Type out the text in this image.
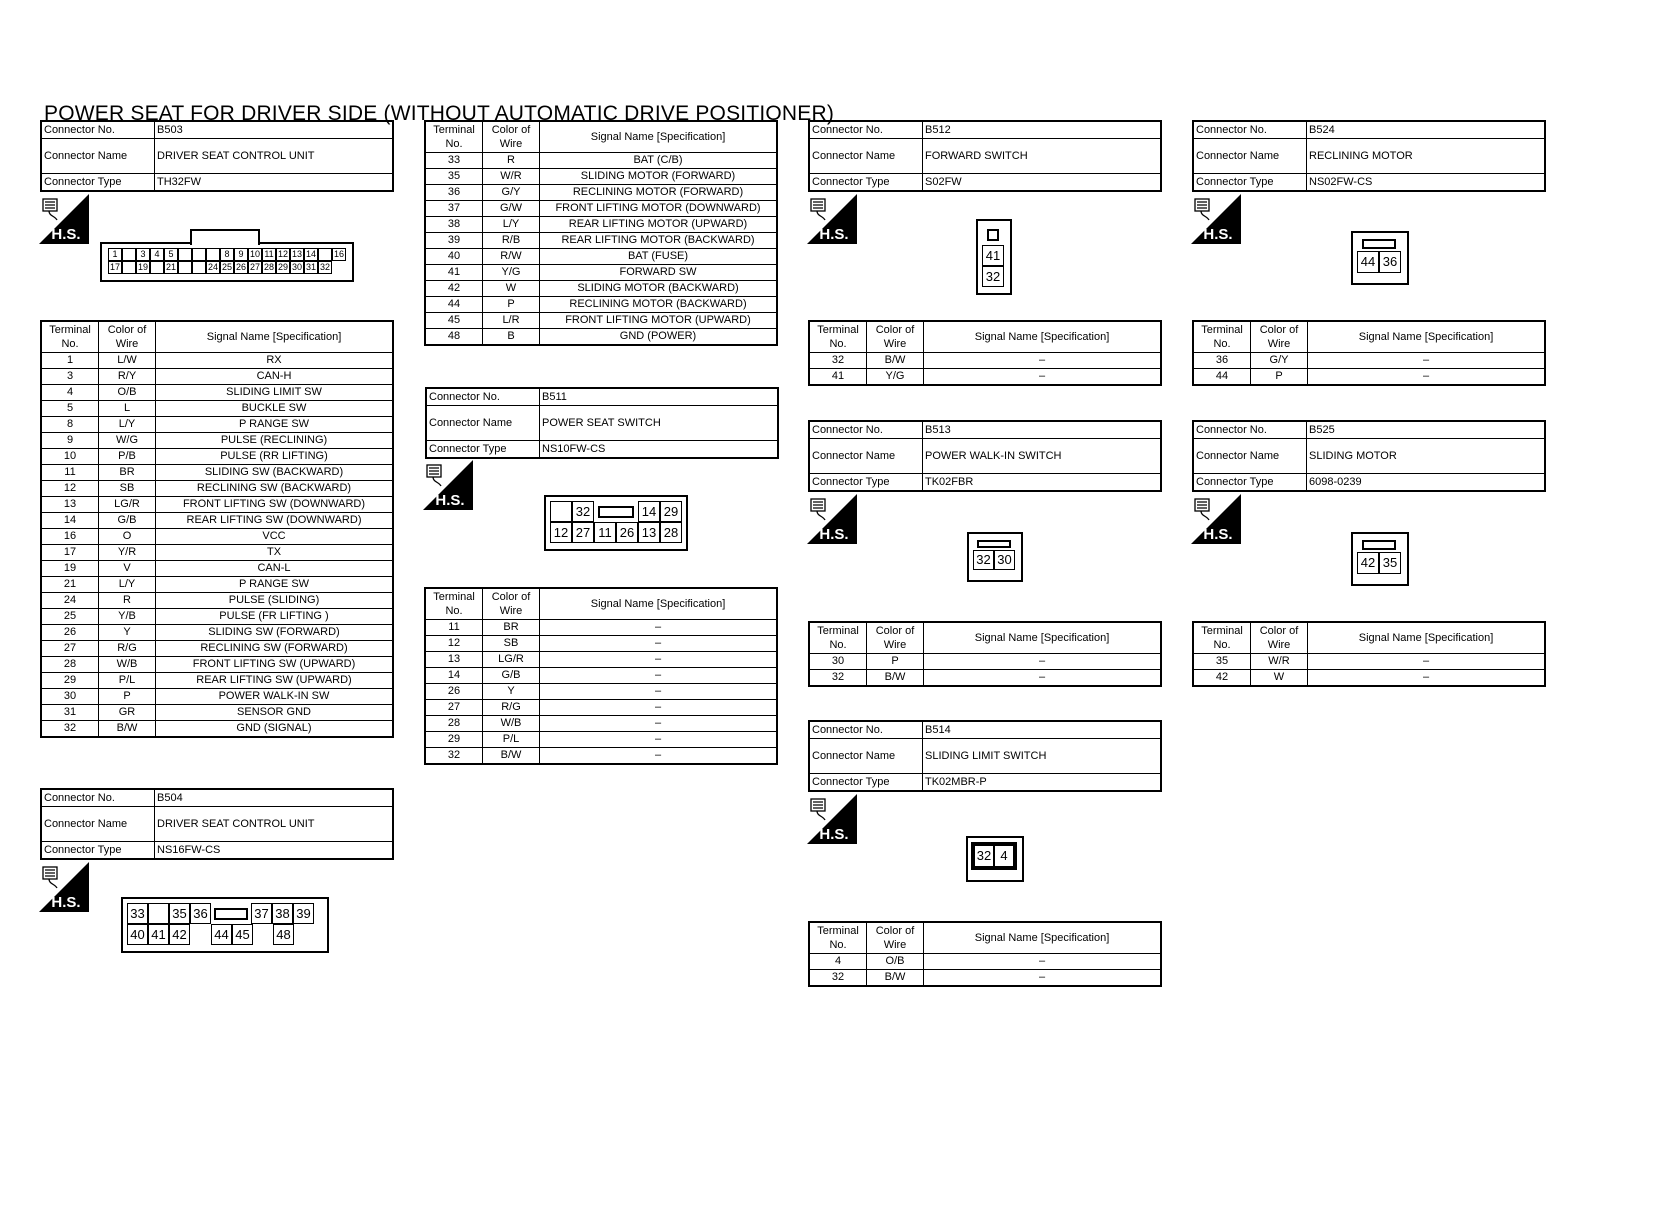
POWER SEAT FOR DRIVER SIDE (WITHOUT AUTOMATIC DRIVE POSITIONER)
Connector No.	B503
Connector Name	DRIVER SEAT CONTROL UNIT
Connector Type	TH32FW
Connector No.	B504
Connector Name	DRIVER SEAT CONTROL UNIT
Connector Type	NS16FW-CS
Connector No.	B511
Connector Name	POWER SEAT SWITCH
Connector Type	NS10FW-CS
Connector No.	B512
Connector Name	FORWARD SWITCH
Connector Type	S02FW
Connector No.	B513
Connector Name	POWER WALK-IN SWITCH
Connector Type	TK02FBR
Connector No.	B514
Connector Name	SLIDING LIMIT SWITCH
Connector Type	TK02MBR-P
Connector No.	B524
Connector Name	RECLINING MOTOR
Connector Type	NS02FW-CS
Connector No.	B525
Connector Name	SLIDING MOTOR
Connector Type	6098-0239
Terminal No.	Color of Wire	Signal Name [Specification]
1	L/W	RX
3	R/Y	CAN-H
4	O/B	SLIDING LIMIT SW
5	L	BUCKLE SW
8	L/Y	P RANGE SW
9	W/G	PULSE (RECLINING)
10	P/B	PULSE (RR LIFTING)
11	BR	SLIDING SW (BACKWARD)
12	SB	RECLINING SW (BACKWARD)
13	LG/R	FRONT LIFTING SW (DOWNWARD)
14	G/B	REAR LIFTING SW (DOWNWARD)
16	O	VCC
17	Y/R	TX
19	V	CAN-L
21	L/Y	P RANGE SW
24	R	PULSE (SLIDING)
25	Y/B	PULSE (FR LIFTING )
26	Y	SLIDING SW (FORWARD)
27	R/G	RECLINING SW (FORWARD)
28	W/B	FRONT LIFTING SW (UPWARD)
29	P/L	REAR LIFTING SW (UPWARD)
30	P	POWER WALK-IN SW
31	GR	SENSOR GND
32	B/W	GND (SIGNAL)
Terminal No.	Color of Wire	Signal Name [Specification]
33	R	BAT (C/B)
35	W/R	SLIDING MOTOR (FORWARD)
36	G/Y	RECLINING MOTOR (FORWARD)
37	G/W	FRONT LIFTING MOTOR (DOWNWARD)
38	L/Y	REAR LIFTING MOTOR (UPWARD)
39	R/B	REAR LIFTING MOTOR (BACKWARD)
40	R/W	BAT (FUSE)
41	Y/G	FORWARD SW
42	W	SLIDING MOTOR (BACKWARD)
44	P	RECLINING MOTOR (BACKWARD)
45	L/R	FRONT LIFTING MOTOR (UPWARD)
48	B	GND (POWER)
Terminal No.	Color of Wire	Signal Name [Specification]
11	BR	–
12	SB	–
13	LG/R	–
14	G/B	–
26	Y	–
27	R/G	–
28	W/B	–
29	P/L	–
32	B/W	–
Terminal No.	Color of Wire	Signal Name [Specification]
32	B/W	–
41	Y/G	–
Terminal No.	Color of Wire	Signal Name [Specification]
30	P	–
32	B/W	–
Terminal No.	Color of Wire	Signal Name [Specification]
4	O/B	–
32	B/W	–
Terminal No.	Color of Wire	Signal Name [Specification]
36	G/Y	–
44	P	–
Terminal No.	Color of Wire	Signal Name [Specification]
35	W/R	–
42	W	–
H.S.
H.S.
H.S.
H.S.
H.S.
H.S.
H.S.
H.S.
1	3 4 5	8 9 10 11 12 13 14 16
17 19 21	24 25 26 27 28 29 30 31 32
33 35 36	37 38 39
40 41 42 44 45 48
32	14 29
12 27 11 26 13 28
41
32
32 30
32 4
44 36
42 35
